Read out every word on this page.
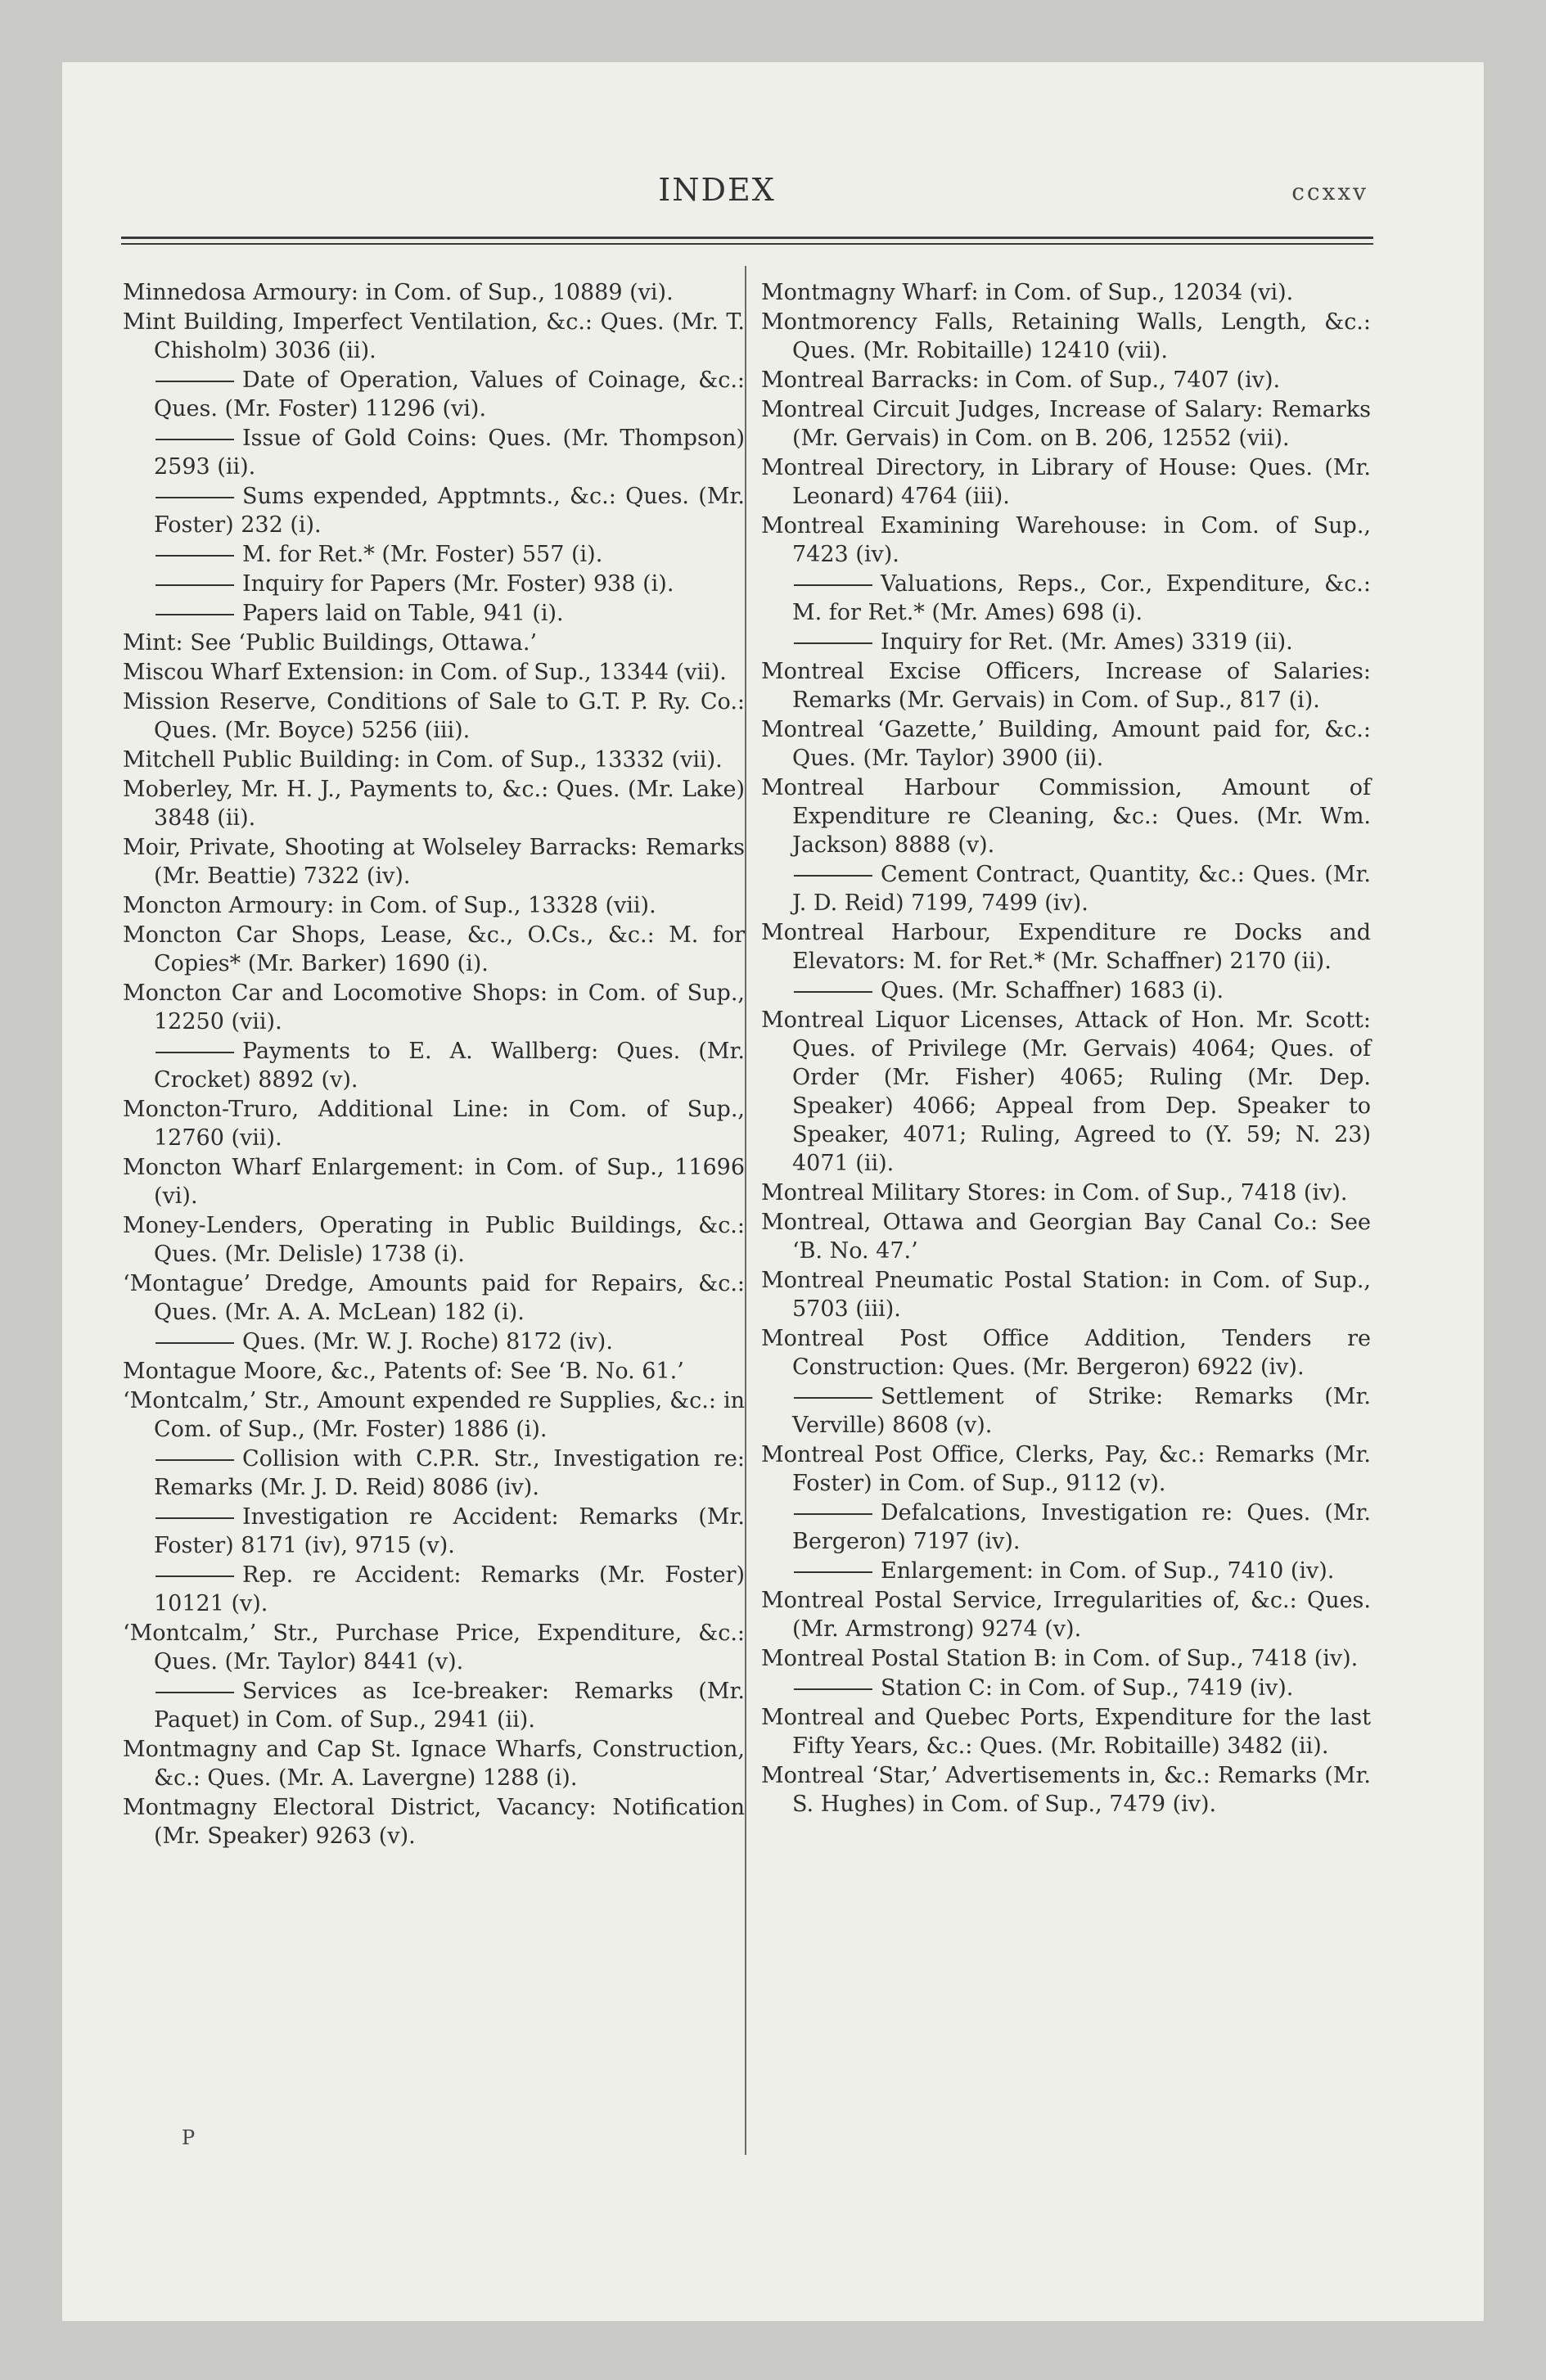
INDEX	ccxxv
Minnedosa Armoury: in Com. of Sup., 10889 (vi).
Mint Building, Imperfect Ventilation, &c.: Ques. (Mr. T. Chisholm) 3036 (ii).
Date of Operation, Values of Coinage, &c.: Ques. (Mr. Foster) 11296 (vi).
Issue of Gold Coins: Ques. (Mr. Thompson) 2593 (ii).
Sums expended, Apptmnts., &c.: Ques. (Mr. Foster) 232 (i).
M. for Ret.* (Mr. Foster) 557 (i).
Inquiry for Papers (Mr. Foster) 938 (i).
Papers laid on Table, 941 (i).
Mint: See ‘Public Buildings, Ottawa.’
Miscou Wharf Extension: in Com. of Sup., 13344 (vii).
Mission Reserve, Conditions of Sale to G.T. P. Ry. Co.: Ques. (Mr. Boyce) 5256 (iii).
Mitchell Public Building: in Com. of Sup., 13332 (vii).
Moberley, Mr. H. J., Payments to, &c.: Ques. (Mr. Lake) 3848 (ii).
Moir, Private, Shooting at Wolseley Barracks: Remarks (Mr. Beattie) 7322 (iv).
Moncton Armoury: in Com. of Sup., 13328 (vii).
Moncton Car Shops, Lease, &c., O.Cs., &c.: M. for Copies* (Mr. Barker) 1690 (i).
Moncton Car and Locomotive Shops: in Com. of Sup., 12250 (vii).
Payments to E. A. Wallberg: Ques. (Mr. Crocket) 8892 (v).
Moncton-Truro, Additional Line: in Com. of Sup., 12760 (vii).
Moncton Wharf Enlargement: in Com. of Sup., 11696 (vi).
Money-Lenders, Operating in Public Buildings, &c.: Ques. (Mr. Delisle) 1738 (i).
‘Montague’ Dredge, Amounts paid for Repairs, &c.: Ques. (Mr. A. A. McLean) 182 (i).
Ques. (Mr. W. J. Roche) 8172 (iv).
Montague Moore, &c., Patents of: See ‘B. No. 61.’
‘Montcalm,’ Str., Amount expended re Supplies, &c.: in Com. of Sup., (Mr. Foster) 1886 (i).
Collision with C.P.R. Str., Investigation re: Remarks (Mr. J. D. Reid) 8086 (iv).
Investigation re Accident: Remarks (Mr. Foster) 8171 (iv), 9715 (v).
Rep. re Accident: Remarks (Mr. Foster) 10121 (v).
‘Montcalm,’ Str., Purchase Price, Expenditure, &c.: Ques. (Mr. Taylor) 8441 (v).
Services as Ice-breaker: Remarks (Mr. Paquet) in Com. of Sup., 2941 (ii).
Montmagny and Cap St. Ignace Wharfs, Construction, &c.: Ques. (Mr. A. Lavergne) 1288 (i).
Montmagny Electoral District, Vacancy: Notification (Mr. Speaker) 9263 (v).
Montmagny Wharf: in Com. of Sup., 12034 (vi).
Montmorency Falls, Retaining Walls, Length, &c.: Ques. (Mr. Robitaille) 12410 (vii).
Montreal Barracks: in Com. of Sup., 7407 (iv).
Montreal Circuit Judges, Increase of Salary: Remarks (Mr. Gervais) in Com. on B. 206, 12552 (vii).
Montreal Directory, in Library of House: Ques. (Mr. Leonard) 4764 (iii).
Montreal Examining Warehouse: in Com. of Sup., 7423 (iv).
Valuations, Reps., Cor., Expenditure, &c.: M. for Ret.* (Mr. Ames) 698 (i).
Inquiry for Ret. (Mr. Ames) 3319 (ii).
Montreal Excise Officers, Increase of Salaries: Remarks (Mr. Gervais) in Com. of Sup., 817 (i).
Montreal ‘Gazette,’ Building, Amount paid for, &c.: Ques. (Mr. Taylor) 3900 (ii).
Montreal Harbour Commission, Amount of Expenditure re Cleaning, &c.: Ques. (Mr. Wm. Jackson) 8888 (v).
Cement Contract, Quantity, &c.: Ques. (Mr. J. D. Reid) 7199, 7499 (iv).
Montreal Harbour, Expenditure re Docks and Elevators: M. for Ret.* (Mr. Schaffner) 2170 (ii).
Ques. (Mr. Schaffner) 1683 (i).
Montreal Liquor Licenses, Attack of Hon. Mr. Scott: Ques. of Privilege (Mr. Gervais) 4064; Ques. of Order (Mr. Fisher) 4065; Ruling (Mr. Dep. Speaker) 4066; Appeal from Dep. Speaker to Speaker, 4071; Ruling, Agreed to (Y. 59; N. 23) 4071 (ii).
Montreal Military Stores: in Com. of Sup., 7418 (iv).
Montreal, Ottawa and Georgian Bay Canal Co.: See ‘B. No. 47.’
Montreal Pneumatic Postal Station: in Com. of Sup., 5703 (iii).
Montreal Post Office Addition, Tenders re Construction: Ques. (Mr. Bergeron) 6922 (iv).
Settlement of Strike: Remarks (Mr. Verville) 8608 (v).
Montreal Post Office, Clerks, Pay, &c.: Remarks (Mr. Foster) in Com. of Sup., 9112 (v).
Defalcations, Investigation re: Ques. (Mr. Bergeron) 7197 (iv).
Enlargement: in Com. of Sup., 7410 (iv).
Montreal Postal Service, Irregularities of, &c.: Ques. (Mr. Armstrong) 9274 (v).
Montreal Postal Station B: in Com. of Sup., 7418 (iv).
Station C: in Com. of Sup., 7419 (iv).
Montreal and Quebec Ports, Expenditure for the last Fifty Years, &c.: Ques. (Mr. Robitaille) 3482 (ii).
Montreal ‘Star,’ Advertisements in, &c.: Remarks (Mr. S. Hughes) in Com. of Sup., 7479 (iv).
P
